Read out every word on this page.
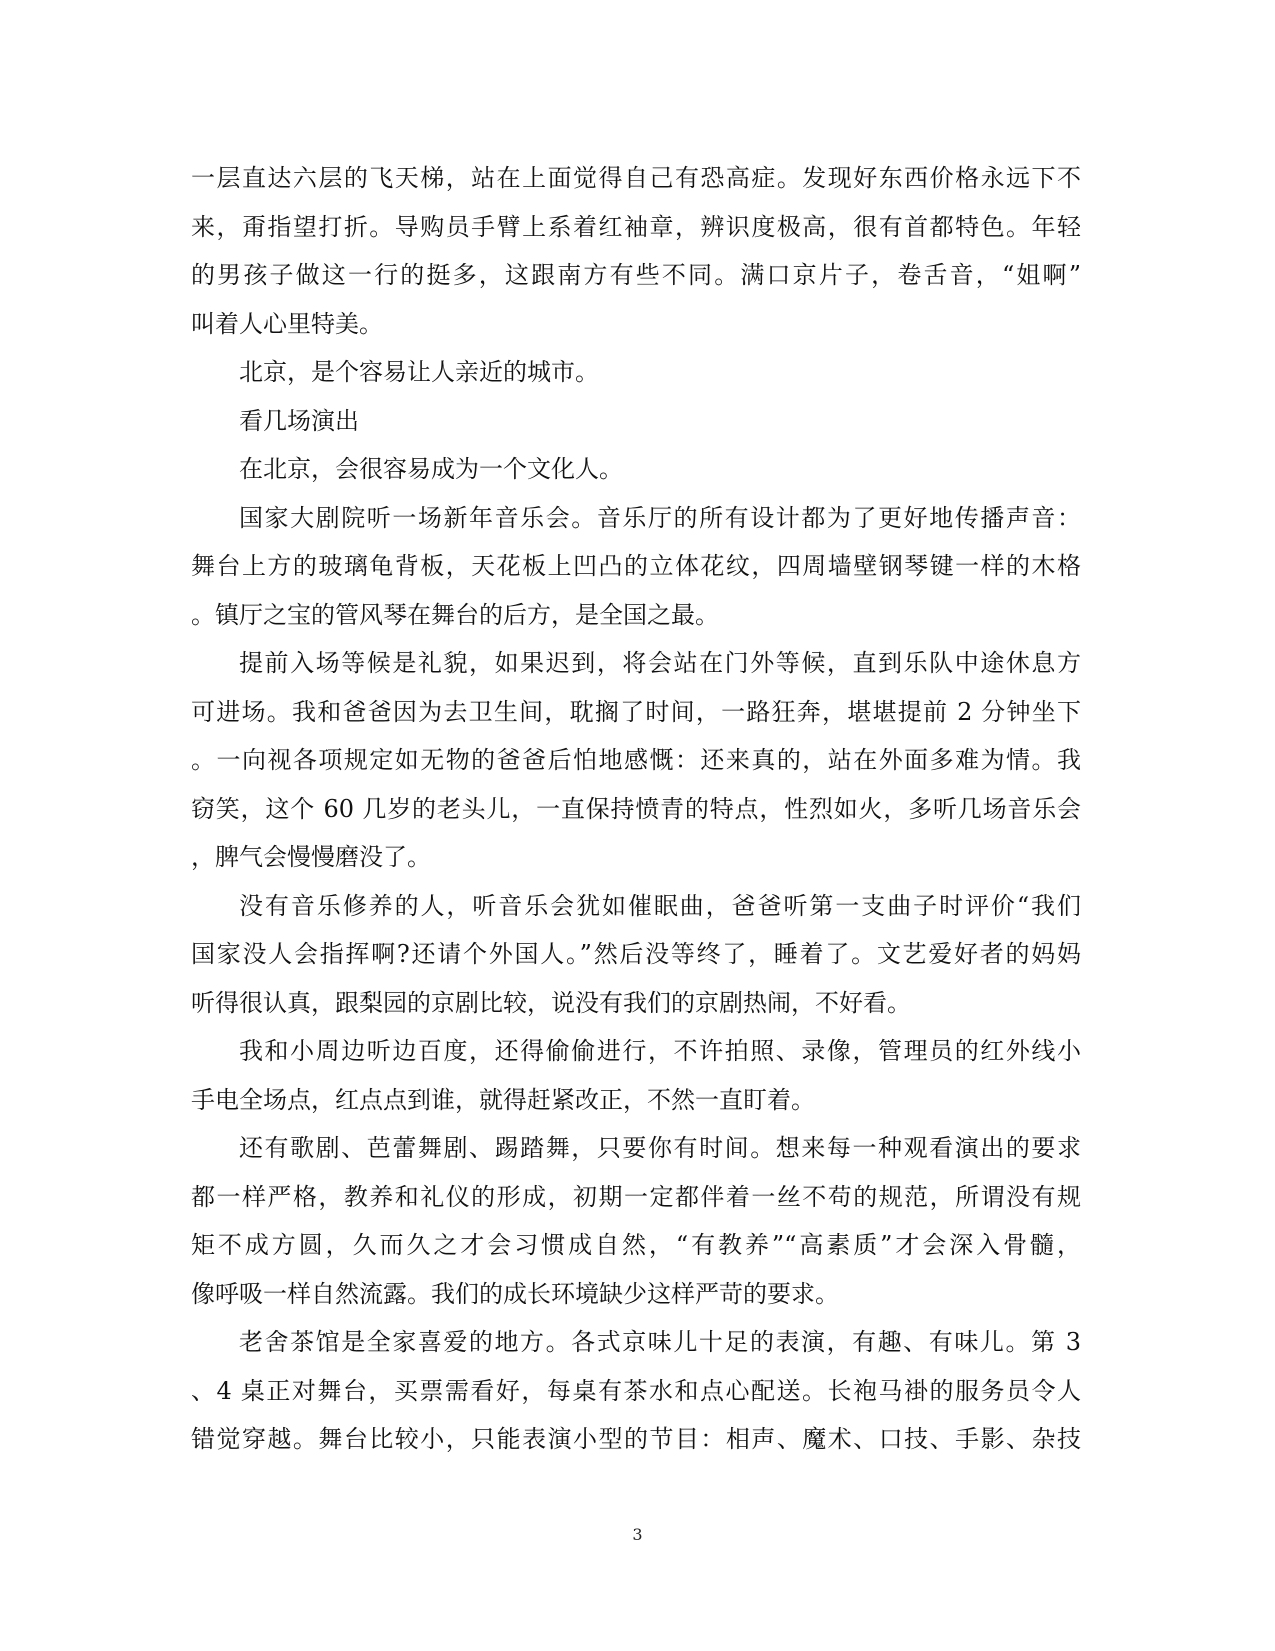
一层直达六层的飞天梯，站在上面觉得自己有恐高症。发现好东西价格永远下不
来，甭指望打折。导购员手臂上系着红袖章，辨识度极高，很有首都特色。年轻
的男孩子做这一行的挺多，这跟南方有些不同。满口京片子，卷舌音，“姐啊”
叫着人心里特美。
北京，是个容易让人亲近的城市。
看几场演出
在北京，会很容易成为一个文化人。
国家大剧院听一场新年音乐会。音乐厅的所有设计都为了更好地传播声音：
舞台上方的玻璃龟背板，天花板上凹凸的立体花纹，四周墙壁钢琴键一样的木格
。镇厅之宝的管风琴在舞台的后方，是全国之最。
提前入场等候是礼貌，如果迟到，将会站在门外等候，直到乐队中途休息方
可进场。我和爸爸因为去卫生间，耽搁了时间，一路狂奔，堪堪提前 2 分钟坐下
。一向视各项规定如无物的爸爸后怕地感慨：还来真的，站在外面多难为情。我
窃笑，这个 60 几岁的老头儿，一直保持愤青的特点，性烈如火，多听几场音乐会
，脾气会慢慢磨没了。
没有音乐修养的人，听音乐会犹如催眠曲，爸爸听第一支曲子时评价“我们
国家没人会指挥啊?还请个外国人。”然后没等终了，睡着了。文艺爱好者的妈妈
听得很认真，跟梨园的京剧比较，说没有我们的京剧热闹，不好看。
我和小周边听边百度，还得偷偷进行，不许拍照、录像，管理员的红外线小
手电全场点，红点点到谁，就得赶紧改正，不然一直盯着。
还有歌剧、芭蕾舞剧、踢踏舞，只要你有时间。想来每一种观看演出的要求
都一样严格，教养和礼仪的形成，初期一定都伴着一丝不苟的规范，所谓没有规
矩不成方圆，久而久之才会习惯成自然，“有教养”“高素质”才会深入骨髓，
像呼吸一样自然流露。我们的成长环境缺少这样严苛的要求。
老舍茶馆是全家喜爱的地方。各式京味儿十足的表演，有趣、有味儿。第 3
、4 桌正对舞台，买票需看好，每桌有茶水和点心配送。长袍马褂的服务员令人
错觉穿越。舞台比较小，只能表演小型的节目：相声、魔术、口技、手影、杂技
3
